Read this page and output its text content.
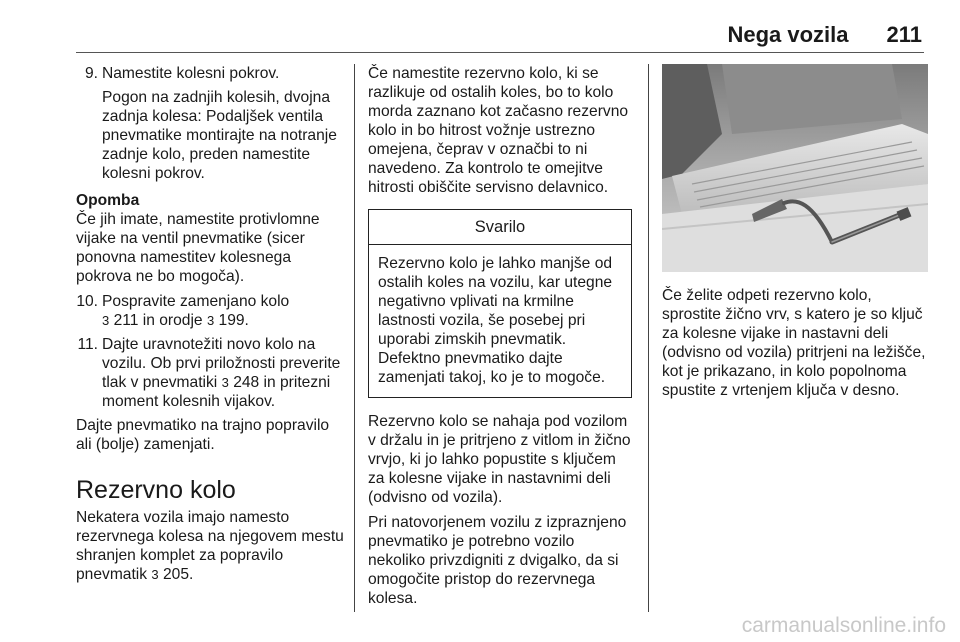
Nega vozila 211
9. Namestite kolesni pokrov.

Pogon na zadnjih kolesih, dvojna zadnja kolesa: Podaljšek ventila pnevmatike montirajte na notranje zadnje kolo, preden namestite kolesni pokrov.

Opomba
Če jih imate, namestite protivlomne vijake na ventil pnevmatike (sicer ponovna namestitev kolesnega pokrova ne bo mogoča).
10. Pospravite zamenjano kolo
3 211 in orodje 3 199.
11. Dajte uravnotežiti novo kolo na vozilu. Ob prvi priložnosti preverite tlak v pnevmatiki 3 248 in pritezni moment kolesnih vijakov.

Dajte pnevmatiko na trajno popravilo ali (bolje) zamenjati.

Rezervno kolo

Nekatera vozila imajo namesto rezervnega kolesa na njegovem mestu shranjen komplet za popravilo pnevmatik 3 205.

Če namestite rezervno kolo, ki se razlikuje od ostalih koles, bo to kolo morda zaznano kot začasno rezervno kolo in bo hitrost vožnje ustrezno omejena, čeprav v označbi to ni navedeno. Za kontrolo te omejitve hitrosti obiščite servisno delavnico.

Svarilo

Rezervno kolo je lahko manjše od ostalih koles na vozilu, kar utegne negativno vplivati na krmilne lastnosti vozila, še posebej pri uporabi zimskih pnevmatik. Defektno pnevmatiko dajte zamenjati takoj, ko je to mogoče.

Rezervno kolo se nahaja pod vozilom v držalu in je pritrjeno z vitlom in žično vrvjo, ki jo lahko popustite s ključem za kolesne vijake in nastavnimi deli (odvisno od vozila).

Pri natovorjenem vozilu z izpraznjeno pnevmatiko je potrebno vozilo nekoliko privzdigniti z dvigalko, da si omogočite pristop do rezervnega kolesa.

Če želite odpeti rezervno kolo, sprostite žično vrv, s katero je so ključ za kolesne vijake in nastavni deli (odvisno od vozila) pritrjeni na ležišče, kot je prikazano, in kolo popolnoma spustite z vrtenjem ključa v desno.

carmanualsonline.info
